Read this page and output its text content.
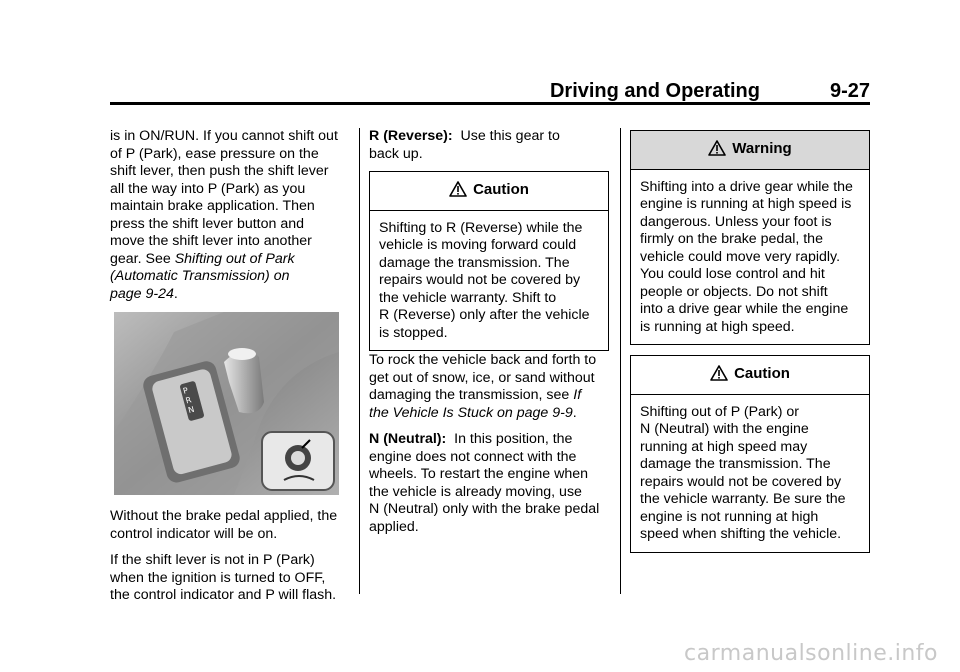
Driving and Operating	9-27

is in ON/RUN. If you cannot shift out
of P (Park), ease pressure on the
shift lever, then push the shift lever
all the way into P (Park) as you
maintain brake application. Then
press the shift lever button and
move the shift lever into another
gear. See Shifting out of Park
(Automatic Transmission) on
page 9-24.

P
R
N

Without the brake pedal applied, the
control indicator will be on.

If the shift lever is not in P (Park)
when the ignition is turned to OFF,
the control indicator and P will flash.

R (Reverse): Use this gear to
back up.

Caution
Shifting to R (Reverse) while the
vehicle is moving forward could
damage the transmission. The
repairs would not be covered by
the vehicle warranty. Shift to
R (Reverse) only after the vehicle
is stopped.

To rock the vehicle back and forth to
get out of snow, ice, or sand without
damaging the transmission, see If
the Vehicle Is Stuck on page 9-9.

N (Neutral): In this position, the
engine does not connect with the
wheels. To restart the engine when
the vehicle is already moving, use
N (Neutral) only with the brake pedal
applied.

Warning
Shifting into a drive gear while the
engine is running at high speed is
dangerous. Unless your foot is
firmly on the brake pedal, the
vehicle could move very rapidly.
You could lose control and hit
people or objects. Do not shift
into a drive gear while the engine
is running at high speed.
Caution
Shifting out of P (Park) or
N (Neutral) with the engine
running at high speed may
damage the transmission. The
repairs would not be covered by
the vehicle warranty. Be sure the
engine is not running at high
speed when shifting the vehicle.
carmanualsonline.info
